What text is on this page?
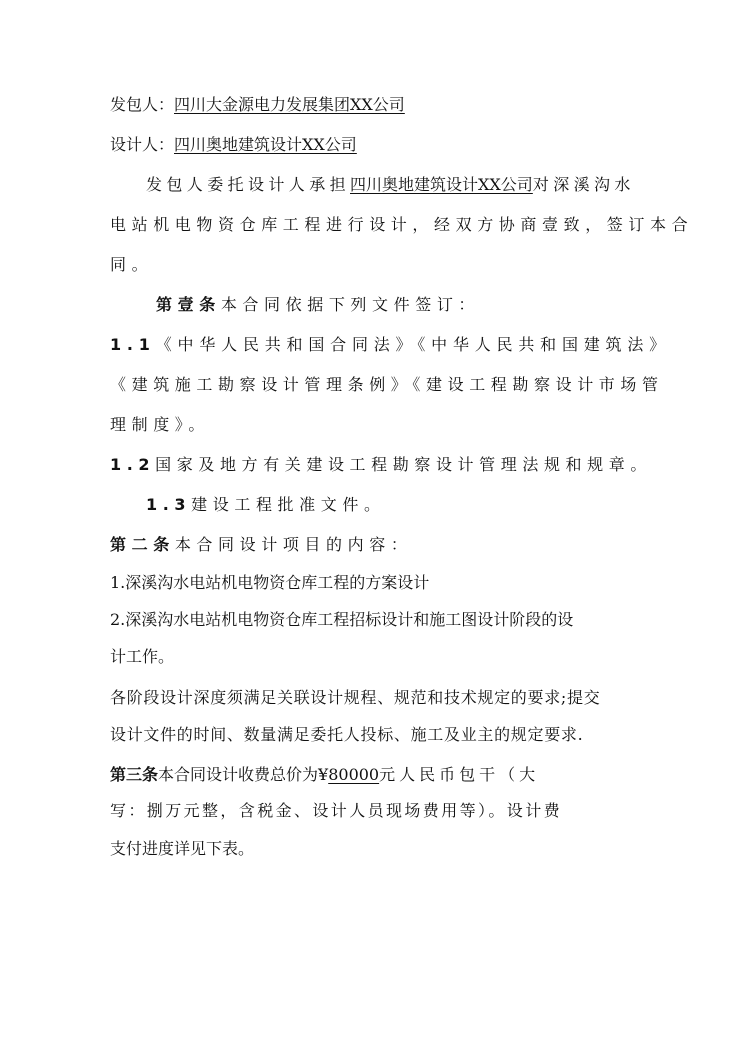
发包人：四川大金源电力发展集团XX公司
设计人：四川奥地建筑设计XX公司
发包人委托设计人承担四川奥地建筑设计XX公司对深溪沟水
电站机电物资仓库工程进行设计，经双方协商壹致，签订本合
同。
第壹条本合同依据下列文件签订：
1.1《中华人民共和国合同法》《中华人民共和国建筑法》
《建筑施工勘察设计管理条例》《建设工程勘察设计市场管
理制度》。
1.2国家及地方有关建设工程勘察设计管理法规和规章。
1.3建设工程批准文件。
第二条本合同设计项目的内容：
1.深溪沟水电站机电物资仓库工程的方案设计
2.深溪沟水电站机电物资仓库工程招标设计和施工图设计阶段的设
计工作。
各阶段设计深度须满足关联设计规程、规范和技术规定的要求;提交
设计文件的时间、数量满足委托人投标、施工及业主的规定要求.
第三条本合同设计收费总价为¥80000元人民币包干（大
写：捌万元整，含税金、设计人员现场费用等）。设计费
支付进度详见下表。
